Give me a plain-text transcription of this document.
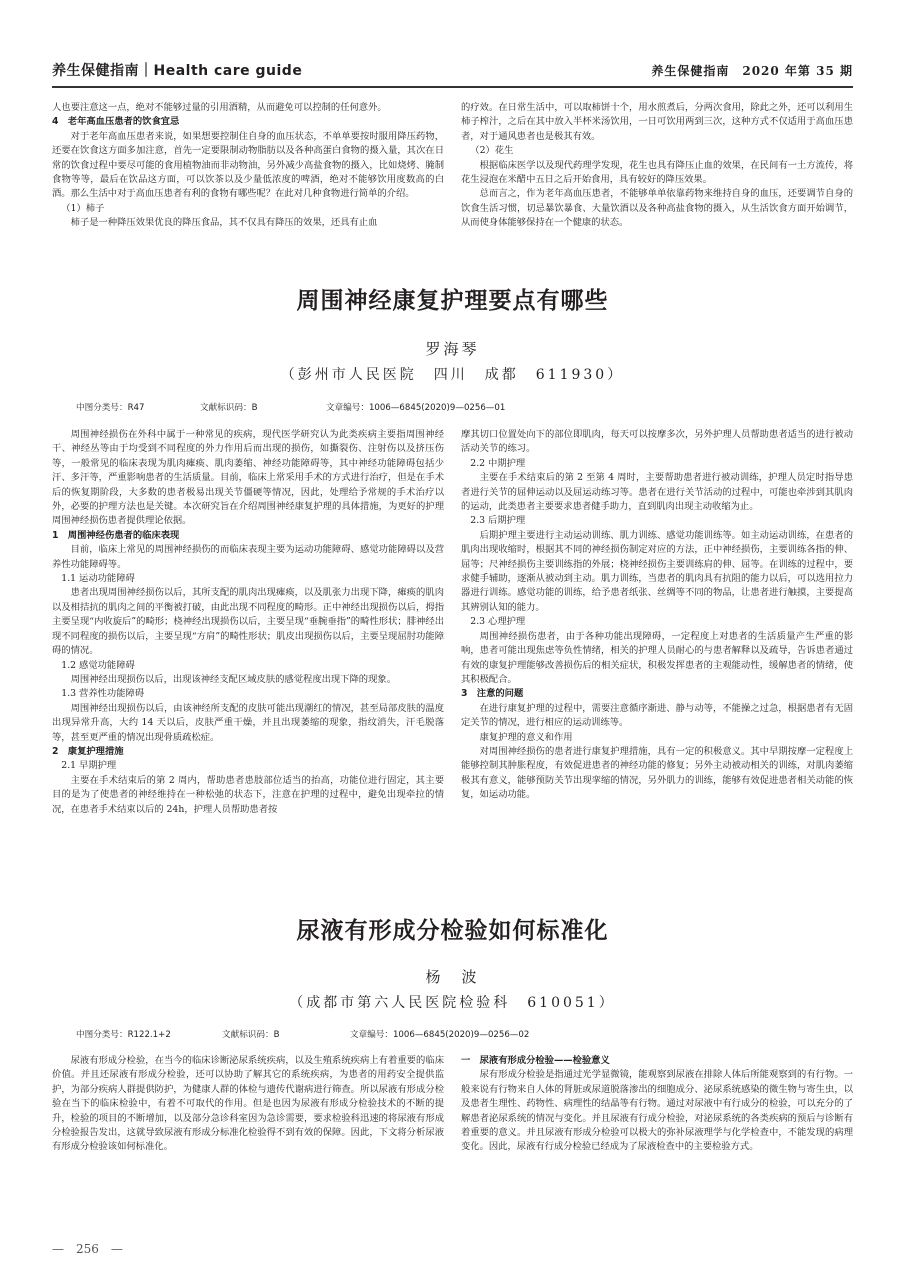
养生保健指南｜Health care guide	养生保健指南　2020 年第 35 期

人也要注意这一点，绝对不能够过量的引用酒精，从而避免可以控制的任何意外。

4　老年高血压患者的饮食宜忌

对于老年高血压患者来说，如果想要控制住自身的血压状态，不单单要按时服用降压药物，还要在饮食这方面多加注意，首先一定要限制动物脂肪以及各种高蛋白食物的摄入量，其次在日常的饮食过程中要尽可能的食用植物油而非动物油，另外减少高盐食物的摄入，比如烧烤、腌制食物等等，最后在饮品这方面，可以饮茶以及少量低浓度的啤酒，绝对不能够饮用度数高的白酒。那么生活中对于高血压患者有利的食物有哪些呢？在此对几种食物进行简单的介绍。

（1）柿子

柿子是一种降压效果优良的降压食品，其不仅具有降压的效果，还具有止血

的疗效。在日常生活中，可以取柿饼十个，用水煎煮后，分两次食用，除此之外，还可以利用生柿子榨汁，之后在其中放入半杯米汤饮用，一日可饮用两到三次，这种方式不仅适用于高血压患者，对于通风患者也是极其有效。

（2）花生

根据临床医学以及现代药理学发现，花生也具有降压止血的效果，在民间有一土方流传，将花生浸泡在米醋中五日之后开始食用，具有较好的降压效果。

总而言之，作为老年高血压患者，不能够单单依靠药物来维持自身的血压，还要调节自身的饮食生活习惯，切忌暴饮暴食、大量饮酒以及各种高盐食物的摄入，从生活饮食方面开始调节，从而使身体能够保持在一个健康的状态。

周围神经康复护理要点有哪些
罗海琴
（彭州市人民医院　四川　成都　611930）
中图分类号：R47	文献标识码：B	文章编号：1006—6845(2020)9—0256—01

周围神经损伤在外科中属于一种常见的疾病，现代医学研究认为此类疾病主要指周围神经干、神经丛等由于均受到不同程度的外力作用后而出现的损伤，如撕裂伤、注射伤以及挤压伤等，一般常见的临床表现为肌肉瘫痪、肌肉萎缩、神经功能障碍等，其中神经功能障碍包括少汗、多汗等，严重影响患者的生活质量。目前，临床上常采用手术的方式进行治疗，但是在手术后的恢复期阶段，大多数的患者极易出现关节僵硬等情况，因此，处理给予常规的手术治疗以外，必要的护理方法也是关键。本次研究旨在介绍周围神经康复护理的具体措施，为更好的护理周围神经损伤患者提供理论依据。

1　周围神经伤患者的临床表现

目前，临床上常见的周围神经损伤的而临床表现主要为运动功能障碍、感觉功能障碍以及营养性功能障碍等。

1.1 运动功能障碍

患者出现周围神经损伤以后，其所支配的肌肉出现瘫痪，以及肌张力出现下降，瘫痪的肌肉以及相拮抗的肌肉之间的平衡被打破，由此出现不同程度的畸形。正中神经出现损伤以后，拇指主要呈现“内收旋后”的畸形；桡神经出现损伤以后，主要呈现“垂腕垂指”的畸性形状；腓神经出现不同程度的损伤以后，主要呈现“方肩”的畸性形状；肌皮出现损伤以后，主要呈现屈肘功能障碍的情况。

1.2 感觉功能障碍

周围神经出现损伤以后，出现该神经支配区域皮肤的感觉程度出现下降的现象。

1.3 营养性功能障碍

周围神经出现损伤以后，由该神经所支配的皮肤可能出现潮红的情况，甚至局部皮肤的温度出现异常升高，大约 14 天以后，皮肤严重干燥，并且出现萎缩的现象，指纹消失，汗毛脱落等，甚至更严重的情况出现骨质疏松症。

2　康复护理措施

2.1 早期护理

主要在手术结束后的第 2 周内，帮助患者患肢部位适当的抬高，功能位进行固定，其主要目的是为了使患者的神经维持在一种松弛的状态下，注意在护理的过程中，避免出现牵拉的情况，在患者手术结束以后的 24h，护理人员帮助患者按

摩其切口位置处向下的部位即肌肉，每天可以按摩多次，另外护理人员帮助患者适当的进行被动活动关节的练习。

2.2 中期护理

主要在手术结束后的第 2 至第 4 周时，主要帮助患者进行被动训练，护理人员定时指导患者进行关节的屈伸运动以及屈运动练习等。患者在进行关节活动的过程中，可能也牵涉到其肌肉的运动，此类患者主要要求患者健手助力，直到肌肉出现主动收缩为止。

2.3 后期护理

后期护理主要进行主动运动训练、肌力训练、感觉功能训练等。如主动运动训练，在患者的肌肉出现收缩时，根据其不同的神经损伤制定对应的方法，正中神经损伤，主要训练各指的伸、屈等；尺神经损伤主要训练指的外展；桡神经损伤主要训练肩的伸、屈等。在训练的过程中，要求健手辅助，逐渐从被动到主动。肌力训练，当患者的肌肉具有抗阻的能力以后，可以选用拉力器进行训练。感觉功能的训练，给予患者纸张、丝绸等不同的物品，让患者进行触摸，主要提高其辨别认知的能力。

2.3 心理护理

周围神经损伤患者，由于各种功能出现障碍，一定程度上对患者的生活质量产生严重的影响，患者可能出现焦虑等负性情绪，相关的护理人员耐心的与患者解释以及疏导，告诉患者通过有效的康复护理能够改善损伤后的相关症状，积极发挥患者的主观能动性，缓解患者的情绪，使其积极配合。

3　注意的问题

在进行康复护理的过程中，需要注意循序渐进、静与动等，不能操之过急，根据患者有无固定关节的情况，进行相应的运动训练等。

康复护理的意义和作用

对周围神经损伤的患者进行康复护理措施，具有一定的积极意义。其中早期按摩一定程度上能够控制其肿胀程度，有效促进患者的神经功能的修复；另外主动被动相关的训练，对肌肉萎缩极其有意义，能够预防关节出现挛缩的情况，另外肌力的训练，能够有效促进患者相关动能的恢复，如运动功能。

尿液有形成分检验如何标准化
杨　波
（成都市第六人民医院检验科　610051）
中图分类号：R122.1+2	文献标识码：B	文章编号：1006—6845(2020)9—0256—02

尿液有形成分检验，在当今的临床诊断泌尿系统疾病，以及生殖系统疾病上有着重要的临床价值。并且还尿液有形成分检验，还可以协助了解其它的系统疾病，为患者的用药安全提供监护，为部分疾病人群提供防护，为健康人群的体检与遗传代谢病进行筛查。所以尿液有形成分检验在当下的临床检验中，有着不可取代的作用。但是也因为尿液有形成分检验技术的不断的提升，检验的项目的不断增加，以及部分急诊科室因为急诊需要，要求检验科迅速的将尿液有形成分检验报告发出，这就导致尿液有形成分标准化检验得不到有效的保障。因此，下文将分析尿液有形成分检验该如何标准化。

一　尿液有形成分检验——检验意义

尿有形成分检验是指通过光学显微镜，能观察到尿液在排除人体后所能观察到的有行物。一般来说有行物来自人体的肾脏或尿道脱落渗出的细胞成分、泌尿系统感染的微生物与寄生虫，以及患者生理性、药物性、病理性的结晶等有行物。通过对尿液中有行成分的检验，可以充分的了解患者泌尿系统的情况与变化。并且尿液有行成分检验，对泌尿系统的各类疾病的预后与诊断有着重要的意义。并且尿液有形成分检验可以极大的弥补尿液理学与化学检查中，不能发现的病理变化。因此，尿液有行成分检验已经成为了尿液检查中的主要检验方式。

—　256　—
